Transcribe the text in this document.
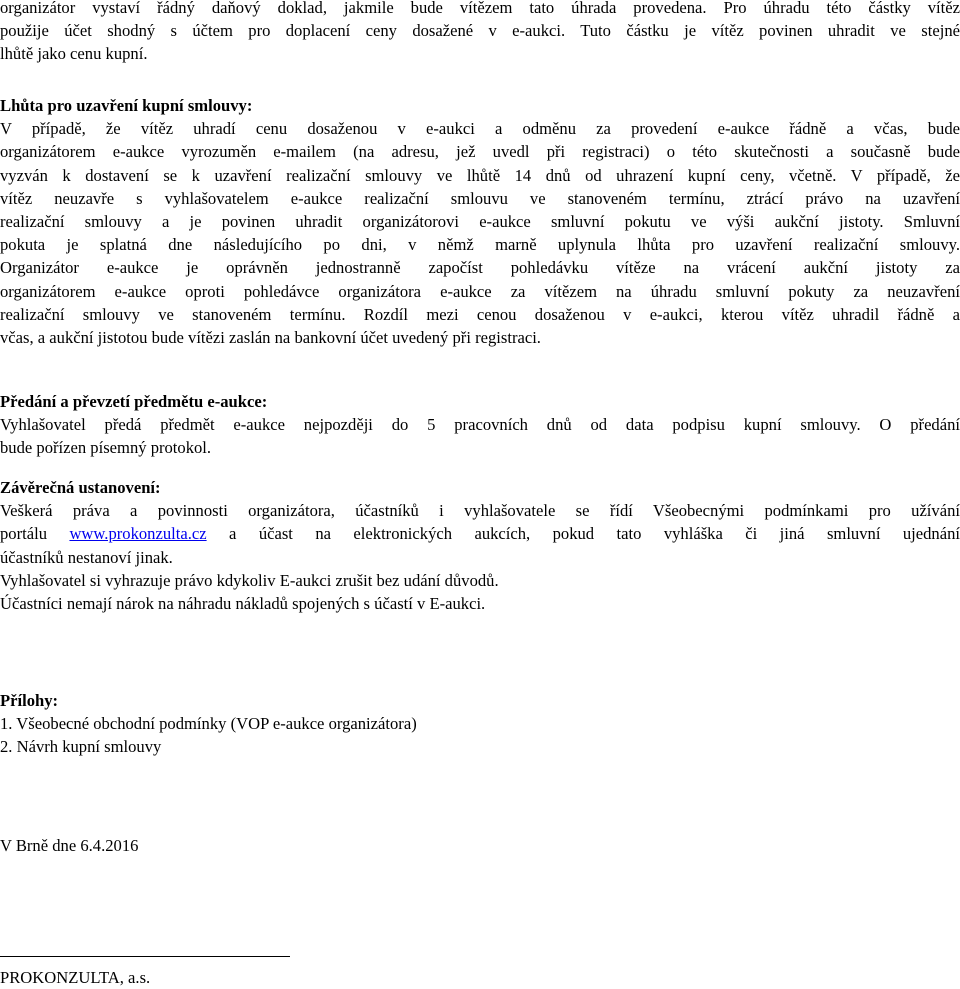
organizátor vystaví řádný daňový doklad, jakmile bude vítězem tato úhrada provedena. Pro úhradu této částky vítěz

použije účet shodný s účtem pro doplacení ceny dosažené v e-aukci. Tuto částku je vítěz povinen uhradit ve stejné

lhůtě jako cenu kupní.

Lhůta pro uzavření kupní smlouvy:

V případě, že vítěz uhradí cenu dosaženou v e-aukci a odměnu za provedení e-aukce řádně a včas, bude

organizátorem e-aukce vyrozuměn e-mailem (na adresu, jež uvedl při registraci) o této skutečnosti a současně bude

vyzván k dostavení se k uzavření realizační smlouvy ve lhůtě 14 dnů od uhrazení kupní ceny, včetně. V případě, že

vítěz neuzavře s vyhlašovatelem e-aukce realizační smlouvu ve stanoveném termínu, ztrácí právo na uzavření

realizační smlouvy a je povinen uhradit organizátorovi e-aukce smluvní pokutu ve výši aukční jistoty. Smluvní

pokuta je splatná dne následujícího po dni, v němž marně uplynula lhůta pro uzavření realizační smlouvy.

Organizátor e-aukce je oprávněn jednostranně započíst pohledávku vítěze na vrácení aukční jistoty za

organizátorem e-aukce oproti pohledávce organizátora e-aukce za vítězem na úhradu smluvní pokuty za neuzavření

realizační smlouvy ve stanoveném termínu. Rozdíl mezi cenou dosaženou v e-aukci, kterou vítěz uhradil řádně a

včas, a aukční jistotou bude vítězi zaslán na bankovní účet uvedený při registraci.

Předání a převzetí předmětu e-aukce:

Vyhlašovatel předá předmět e-aukce nejpozději do 5 pracovních dnů od data podpisu kupní smlouvy. O předání

bude pořízen písemný protokol.

Závěrečná ustanovení:

Veškerá práva a povinnosti organizátora, účastníků i vyhlašovatele se řídí Všeobecnými podmínkami pro užívání

portálu www.prokonzulta.cz a účast na elektronických aukcích, pokud tato vyhláška či jiná smluvní ujednání

účastníků nestanoví jinak.

Vyhlašovatel si vyhrazuje právo kdykoliv E-aukci zrušit bez udání důvodů.

Účastníci nemají nárok na náhradu nákladů spojených s účastí v E-aukci.

Přílohy:

1. Všeobecné obchodní podmínky (VOP e-aukce organizátora)

2. Návrh kupní smlouvy

V Brně dne 6.4.2016

PROKONZULTA, a.s.
